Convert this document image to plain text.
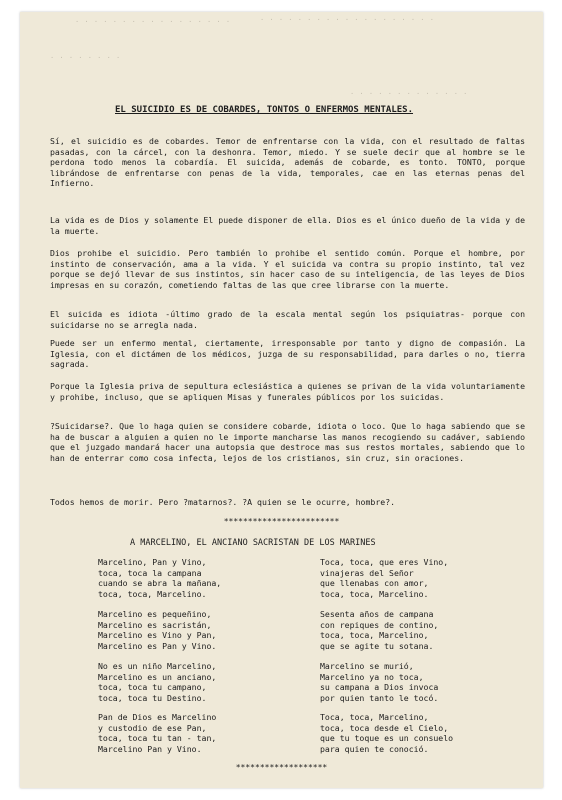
· · · · · · · · · · · · · · · · ·	· · · · · · · · · · · · · · · · · · ·
· · · · · · · ·
· · · · · · · · · · · · ·
EL SUICIDIO ES DE COBARDES, TONTOS O ENFERMOS MENTALES.

Sí, el suicidio es de cobardes. Temor de enfrentarse con la vida, con el resultado de faltas pasadas, con la cárcel, con la deshonra. Temor, miedo. Y se suele decir que al hombre se le perdona todo menos la cobardía. El suicida, además de cobarde, es tonto. TONTO, porque librándose de enfrentarse con penas de la vida, temporales, cae en las eternas penas del Infierno.

La vida es de Dios y solamente El puede disponer de ella. Dios es el único dueño de la vida y de la muerte.

Dios prohibe el suicidio. Pero también lo prohibe el sentido común. Porque el hombre, por instinto de conservación, ama a la vida. Y el suicida va contra su propio instinto, tal vez porque se dejó llevar de sus instintos, sin hacer caso de su inteligencia, de las leyes de Dios impresas en su corazón, cometiendo faltas de las que cree librarse con la muerte.

El suicida es idiota -último grado de la escala mental según los psiquiatras- porque con suicidarse no se arregla nada.

Puede ser un enfermo mental, ciertamente, irresponsable por tanto y digno de compasión. La Iglesia, con el dictámen de los médicos, juzga de su responsabilidad, para darles o no, tierra sagrada.

Porque la Iglesia priva de sepultura eclesiástica a quienes se privan de la vida voluntariamente y prohibe, incluso, que se apliquen Misas y funerales públicos por los suicidas.

?Suicidarse?. Que lo haga quien se considere cobarde, idiota o loco. Que lo haga sabiendo que se ha de buscar a alguien a quien no le importe mancharse las manos recogiendo su cadáver, sabiendo que el juzgado mandará hacer una autopsia que destroce mas sus restos mortales, sabiendo que lo han de enterrar como cosa infecta, lejos de los cristianos, sin cruz, sin oraciones.

Todos hemos de morir. Pero ?matarnos?. ?A quien se le ocurre, hombre?.

************************
A MARCELINO, EL ANCIANO SACRISTAN DE LOS MARINES
Marcelino, Pan y Vino,
toca, toca la campana
cuando se abra la mañana,
toca, toca, Marcelino.
Marcelino es pequeñino,
Marcelino es sacristán,
Marcelino es Vino y Pan,
Marcelino es Pan y Vino.
No es un niño Marcelino,
Marcelino es un anciano,
toca, toca tu campano,
toca, toca tu Destino.
Pan de Dios es Marcelino
y custodio de ese Pan,
toca, toca tu tan - tan,
Marcelino Pan y Vino.
Toca, toca, que eres Vino,
vinajeras del Señor
que llenabas con amor,
toca, toca, Marcelino.
Sesenta años de campana
con repiques de contino,
toca, toca, Marcelino,
que se agite tu sotana.
Marcelino se murió,
Marcelino ya no toca,
su campana a Dios invoca
por quien tanto le tocó.
Toca, toca, Marcelino,
toca, toca desde el Cielo,
que tu toque es un consuelo
para quien te conoció.
*******************
